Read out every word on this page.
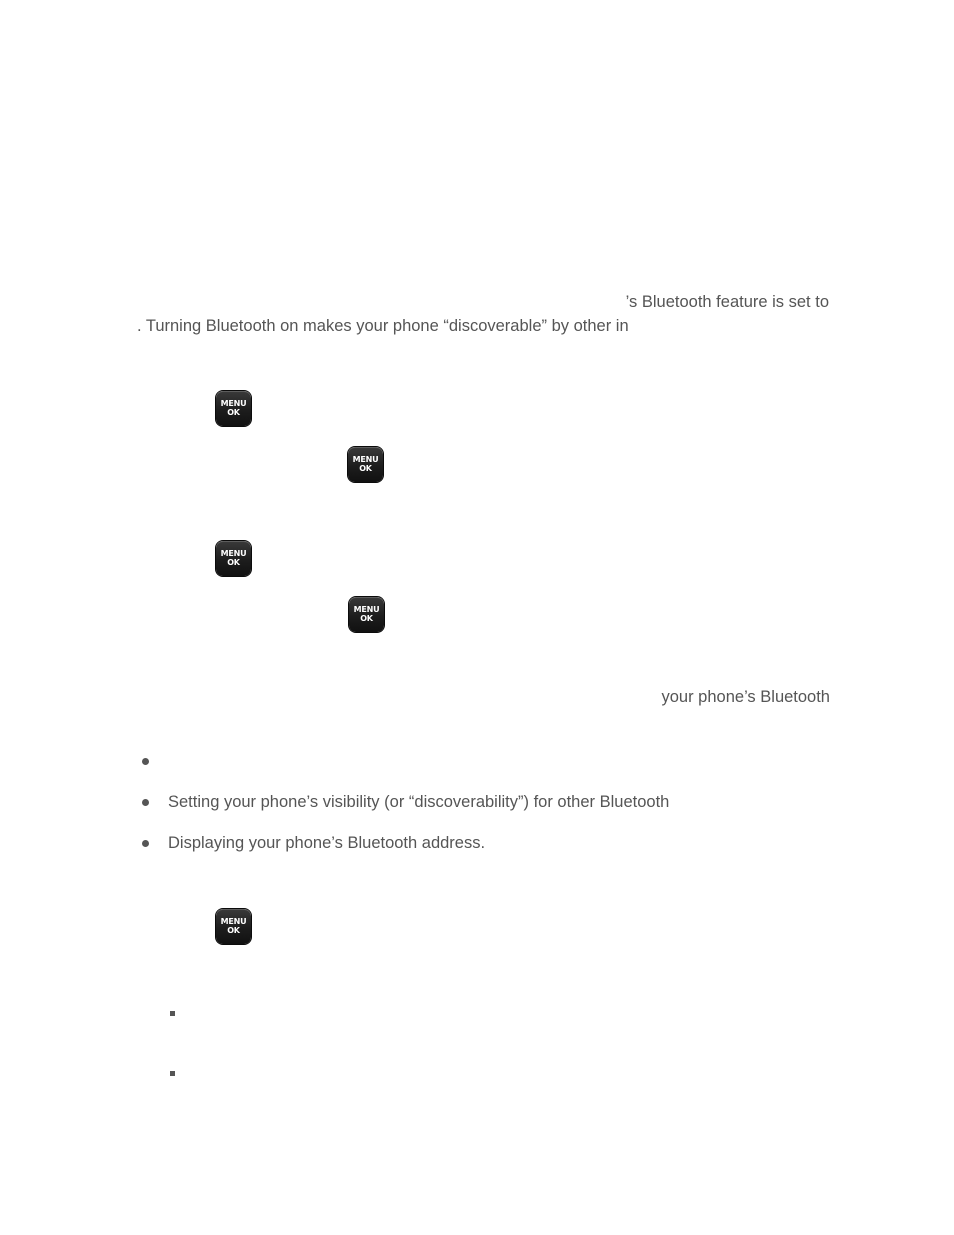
’s Bluetooth feature is set to
. Turning Bluetooth on makes your phone “discoverable” by other in
MENU
OK
MENU
OK
MENU
OK
MENU
OK
your phone’s Bluetooth
Setting your phone’s visibility (or “discoverability”) for other Bluetooth
Displaying your phone’s Bluetooth address.
MENU
OK
